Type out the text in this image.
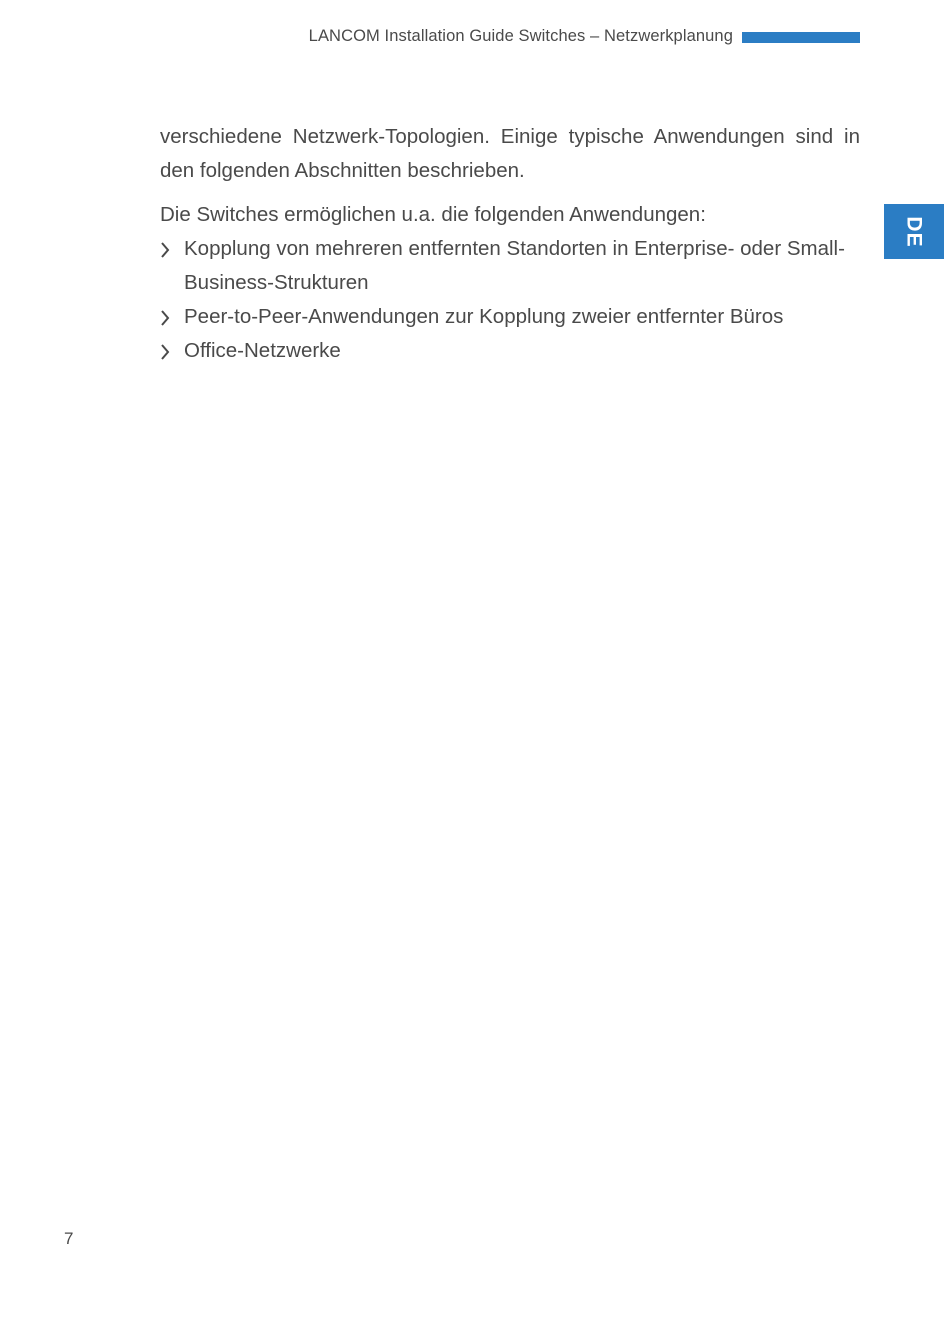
LANCOM Installation Guide Switches – Netzwerkplanung
DE

verschiedene Netzwerk-Topologien. Einige typische Anwendungen sind in den folgenden Abschnitten beschrieben.

Die Switches ermöglichen u.a. die folgenden Anwendungen:

Kopplung von mehreren entfernten Standorten in Enterprise- oder Small-Business-Strukturen
Peer-to-Peer-Anwendungen zur Kopplung zweier entfernter Büros
Office-Netzwerke
7
